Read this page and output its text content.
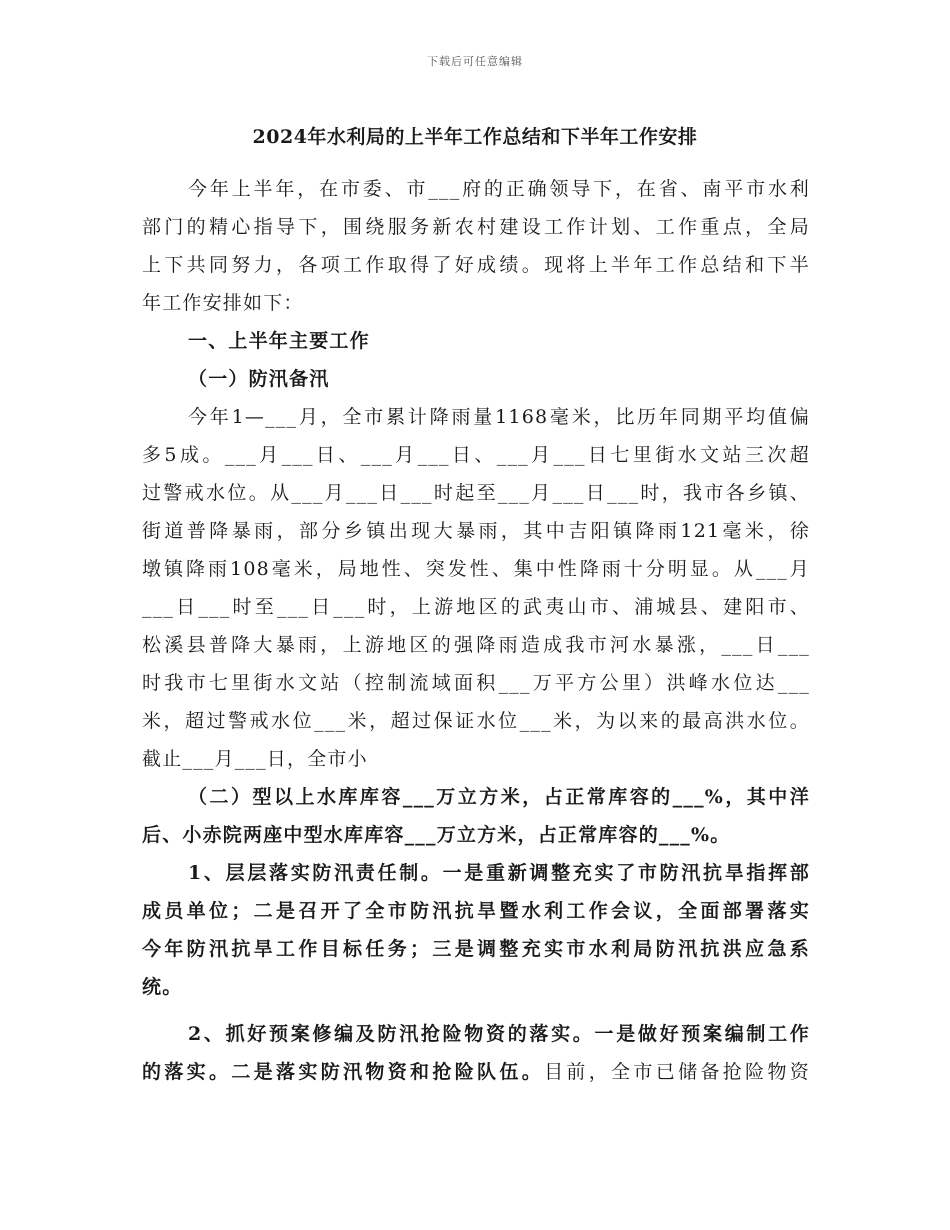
下载后可任意编辑
2024年水利局的上半年工作总结和下半年工作安排
今年上半年，在市委、市___府的正确领导下，在省、南平市水利
部门的精心指导下，围绕服务新农村建设工作计划、工作重点，全局
上下共同努力，各项工作取得了好成绩。现将上半年工作总结和下半
年工作安排如下：
一、上半年主要工作
（一）防汛备汛
今年1—___月，全市累计降雨量1168毫米，比历年同期平均值偏
多5成。___月___日、___月___日、___月___日七里街水文站三次超
过警戒水位。从___月___日___时起至___月___日___时，我市各乡镇、
街道普降暴雨，部分乡镇出现大暴雨，其中吉阳镇降雨121毫米，徐
墩镇降雨108毫米，局地性、突发性、集中性降雨十分明显。从___月
___日___时至___日___时，上游地区的武夷山市、浦城县、建阳市、
松溪县普降大暴雨，上游地区的强降雨造成我市河水暴涨，___日___
时我市七里街水文站（控制流域面积___万平方公里）洪峰水位达___
米，超过警戒水位___米，超过保证水位___米，为以来的最高洪水位。
截止___月___日，全市小
（二）型以上水库库容___万立方米，占正常库容的___%，其中洋
后、小赤院两座中型水库库容___万立方米，占正常库容的___%。
1、层层落实防汛责任制。一是重新调整充实了市防汛抗旱指挥部
成员单位；二是召开了全市防汛抗旱暨水利工作会议，全面部署落实
今年防汛抗旱工作目标任务；三是调整充实市水利局防汛抗洪应急系
统。
2、抓好预案修编及防汛抢险物资的落实。一是做好预案编制工作
的落实。二是落实防汛物资和抢险队伍。目前，全市已储备抢险物资
